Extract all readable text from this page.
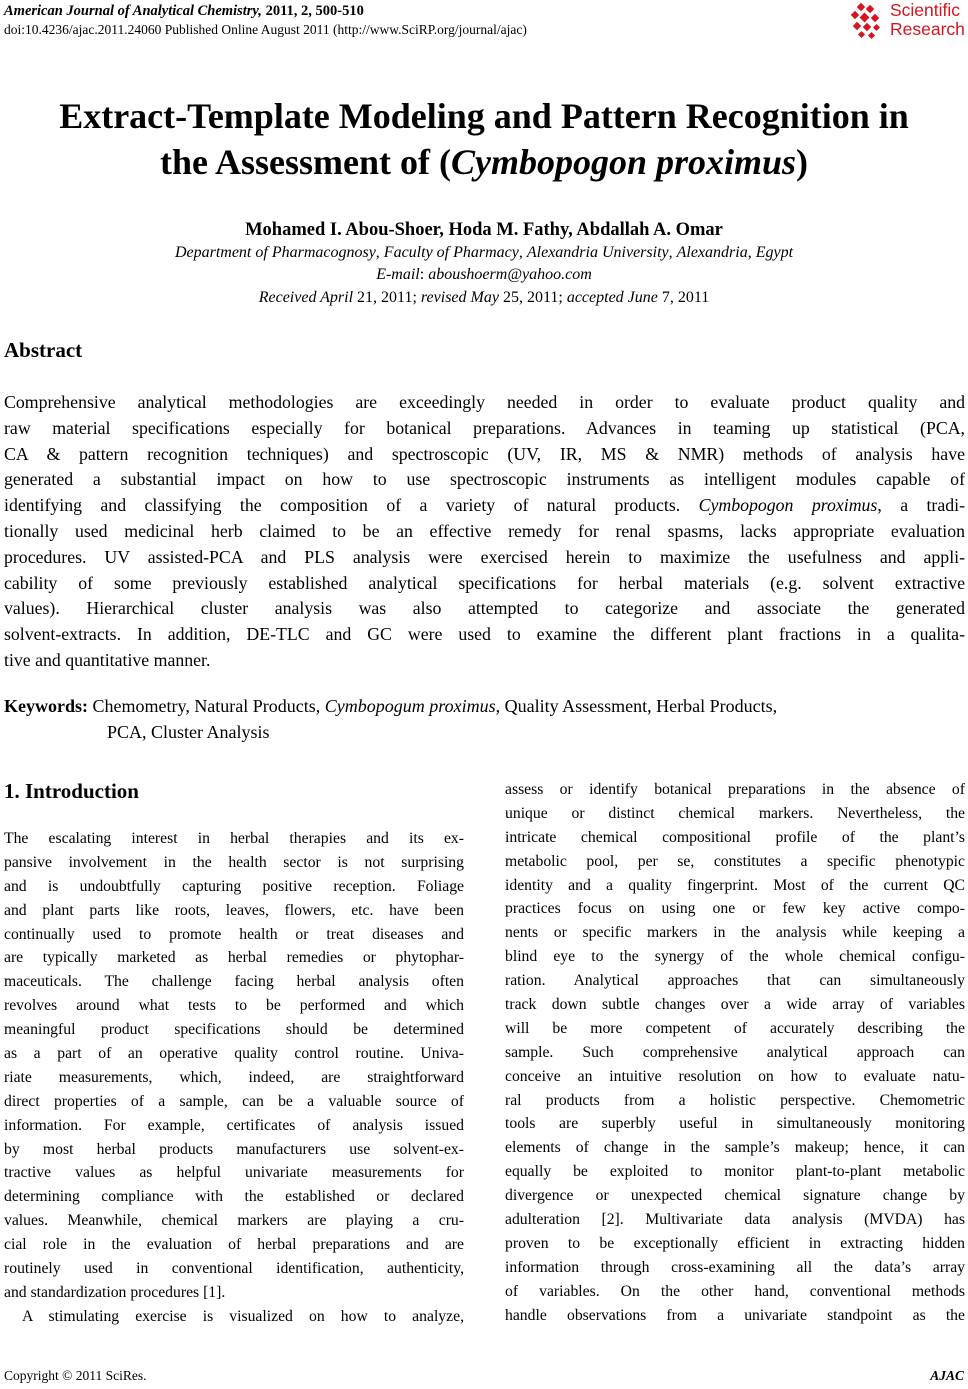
American Journal of Analytical Chemistry, 2011, 2, 500-510
doi:10.4236/ajac.2011.24060 Published Online August 2011 (http://www.SciRP.org/journal/ajac)
Scientific
Research
Extract-Template Modeling and Pattern Recognition in
the Assessment of (Cymbopogon proximus)
Mohamed I. Abou-Shoer, Hoda M. Fathy, Abdallah A. Omar
Department of Pharmacognosy, Faculty of Pharmacy, Alexandria University, Alexandria, Egypt
E-mail: aboushoerm@yahoo.com
Received April 21, 2011; revised May 25, 2011; accepted June 7, 2011
Abstract
Comprehensive analytical methodologies are exceedingly needed in order to evaluate product quality and
raw material specifications especially for botanical preparations. Advances in teaming up statistical (PCA,
CA & pattern recognition techniques) and spectroscopic (UV, IR, MS & NMR) methods of analysis have
generated a substantial impact on how to use spectroscopic instruments as intelligent modules capable of
identifying and classifying the composition of a variety of natural products. Cymbopogon proximus, a tradi-
tionally used medicinal herb claimed to be an effective remedy for renal spasms, lacks appropriate evaluation
procedures. UV assisted-PCA and PLS analysis were exercised herein to maximize the usefulness and appli-
cability of some previously established analytical specifications for herbal materials (e.g. solvent extractive
values). Hierarchical cluster analysis was also attempted to categorize and associate the generated
solvent-extracts. In addition, DE-TLC and GC were used to examine the different plant fractions in a qualita-
tive and quantitative manner.
Keywords: Chemometry, Natural Products, Cymbopogum proximus, Quality Assessment, Herbal Products,
PCA, Cluster Analysis
1. Introduction
The escalating interest in herbal therapies and its ex-
pansive involvement in the health sector is not surprising
and is undoubtfully capturing positive reception. Foliage
and plant parts like roots, leaves, flowers, etc. have been
continually used to promote health or treat diseases and
are typically marketed as herbal remedies or phytophar-
maceuticals. The challenge facing herbal analysis often
revolves around what tests to be performed and which
meaningful product specifications should be determined
as a part of an operative quality control routine. Univa-
riate measurements, which, indeed, are straightforward
direct properties of a sample, can be a valuable source of
information. For example, certificates of analysis issued
by most herbal products manufacturers use solvent-ex-
tractive values as helpful univariate measurements for
determining compliance with the established or declared
values. Meanwhile, chemical markers are playing a cru-
cial role in the evaluation of herbal preparations and are
routinely used in conventional identification, authenticity,
and standardization procedures [1].
A stimulating exercise is visualized on how to analyze,
assess or identify botanical preparations in the absence of
unique or distinct chemical markers. Nevertheless, the
intricate chemical compositional profile of the plant’s
metabolic pool, per se, constitutes a specific phenotypic
identity and a quality fingerprint. Most of the current QC
practices focus on using one or few key active compo-
nents or specific markers in the analysis while keeping a
blind eye to the synergy of the whole chemical configu-
ration. Analytical approaches that can simultaneously
track down subtle changes over a wide array of variables
will be more competent of accurately describing the
sample. Such comprehensive analytical approach can
conceive an intuitive resolution on how to evaluate natu-
ral products from a holistic perspective. Chemometric
tools are superbly useful in simultaneously monitoring
elements of change in the sample’s makeup; hence, it can
equally be exploited to monitor plant-to-plant metabolic
divergence or unexpected chemical signature change by
adulteration [2]. Multivariate data analysis (MVDA) has
proven to be exceptionally efficient in extracting hidden
information through cross-examining all the data’s array
of variables. On the other hand, conventional methods
handle observations from a univariate standpoint as the
Copyright © 2011 SciRes.	AJAC
